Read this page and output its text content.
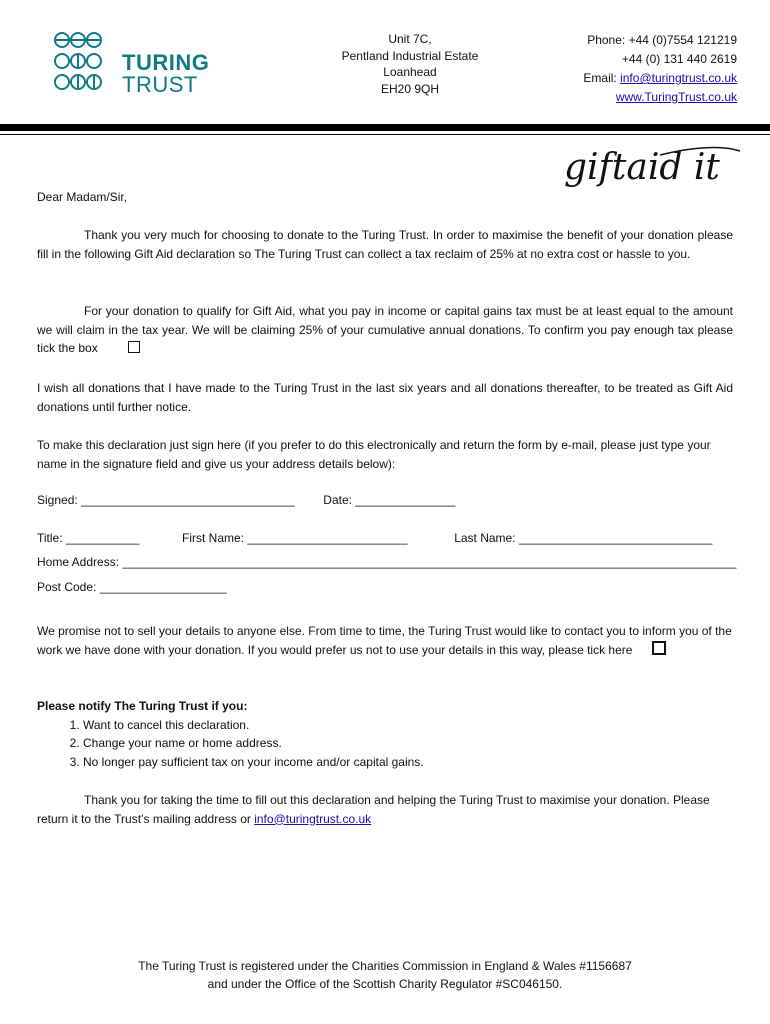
TURING
TRUST
Unit 7C,
Pentland Industrial Estate
Loanhead
EH20 9QH
Phone: +44 (0)7554 121219
+44 (0) 131 440 2619
Email: info@turingtrust.co.uk
www.TuringTrust.co.uk
giftaid it
Dear Madam/Sir,

Thank you very much for choosing to donate to the Turing Trust. In order to maximise the benefit of your donation please fill in the following Gift Aid declaration so The Turing Trust can collect a tax reclaim of 25% at no extra cost or hassle to you.

For your donation to qualify for Gift Aid, what you pay in income or capital gains tax must be at least equal to the amount we will claim in the tax year. We will be claiming 25% of your cumulative annual donations. To confirm you pay enough tax please tick the box

I wish all donations that I have made to the Turing Trust in the last six years and all donations thereafter, to be treated as Gift Aid donations until further notice.

To make this declaration just sign here (if you prefer to do this electronically and return the form by e-mail, please just type your name in the signature field and give us your address details below):

Signed: ________________________________ Date: _______________
Title: ___________	First Name: ________________________	Last Name: _____________________________
Home Address: ____________________________________________________________________________________________
Post Code: ___________________

We promise not to sell your details to anyone else. From time to time, the Turing Trust would like to contact you to inform you of the work we have done with your donation. If you would prefer us not to use your details in this way, please tick here

Please notify The Turing Trust if you:
1. Want to cancel this declaration.
2. Change your name or home address.
3. No longer pay sufficient tax on your income and/or capital gains.

Thank you for taking the time to fill out this declaration and helping the Turing Trust to maximise your donation. Please return it to the Trust’s mailing address or info@turingtrust.co.uk

The Turing Trust is registered under the Charities Commission in England & Wales #1156687
and under the Office of the Scottish Charity Regulator #SC046150.
